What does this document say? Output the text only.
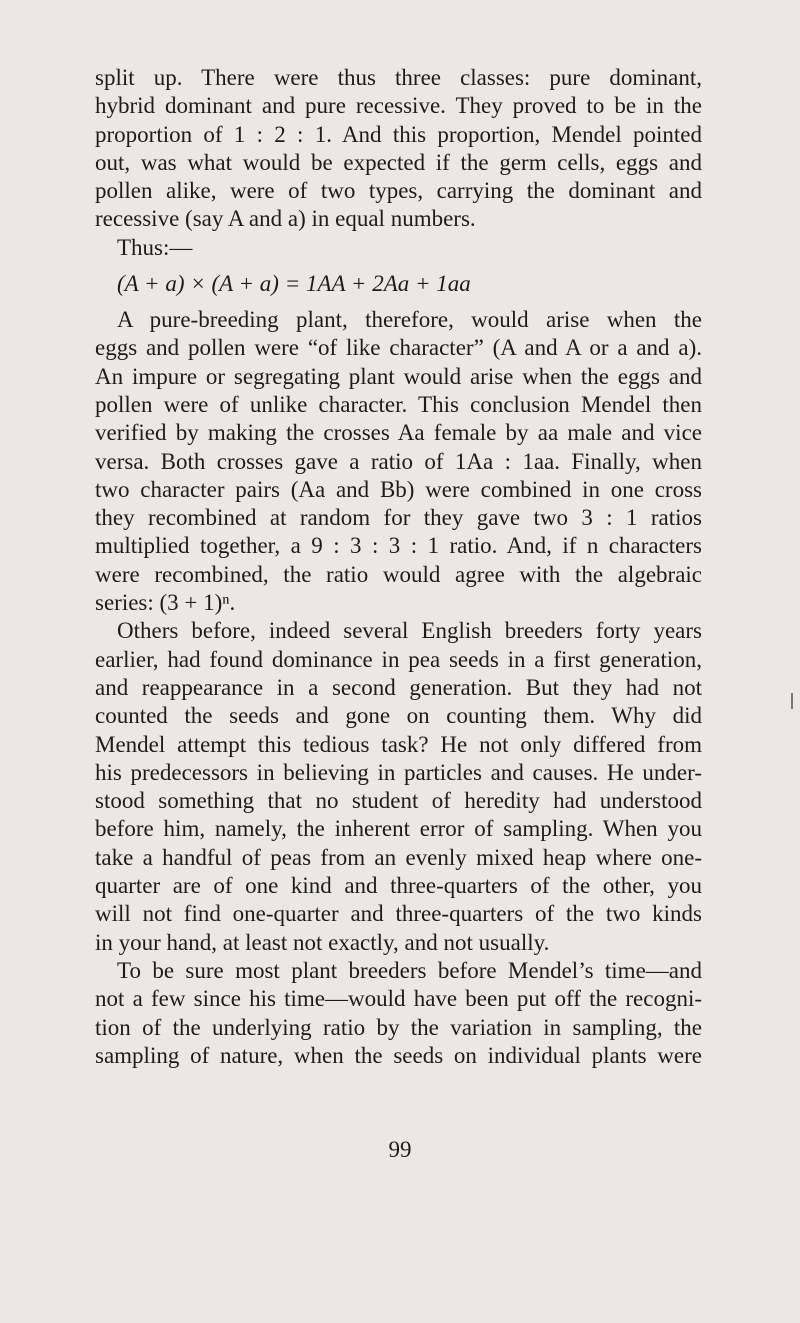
split up. There were thus three classes: pure dominant,
hybrid dominant and pure recessive. They proved to be in the
proportion of 1 : 2 : 1. And this proportion, Mendel pointed
out, was what would be expected if the germ cells, eggs and
pollen alike, were of two types, carrying the dominant and
recessive (say A and a) in equal numbers.
Thus:—
(A + a) × (A + a) = 1AA + 2Aa + 1aa
A pure-breeding plant, therefore, would arise when the
eggs and pollen were “of like character” (A and A or a and a).
An impure or segregating plant would arise when the eggs and
pollen were of unlike character. This conclusion Mendel then
verified by making the crosses Aa female by aa male and vice
versa. Both crosses gave a ratio of 1Aa : 1aa. Finally, when
two character pairs (Aa and Bb) were combined in one cross
they recombined at random for they gave two 3 : 1 ratios
multiplied together, a 9 : 3 : 3 : 1 ratio. And, if n characters
were recombined, the ratio would agree with the algebraic
series: (3 + 1)ⁿ.
Others before, indeed several English breeders forty years
earlier, had found dominance in pea seeds in a first generation,
and reappearance in a second generation. But they had not
counted the seeds and gone on counting them. Why did
Mendel attempt this tedious task? He not only differed from
his predecessors in believing in particles and causes. He under-
stood something that no student of heredity had understood
before him, namely, the inherent error of sampling. When you
take a handful of peas from an evenly mixed heap where one-
quarter are of one kind and three-quarters of the other, you
will not find one-quarter and three-quarters of the two kinds
in your hand, at least not exactly, and not usually.
To be sure most plant breeders before Mendel’s time—and
not a few since his time—would have been put off the recogni-
tion of the underlying ratio by the variation in sampling, the
sampling of nature, when the seeds on individual plants were
99
